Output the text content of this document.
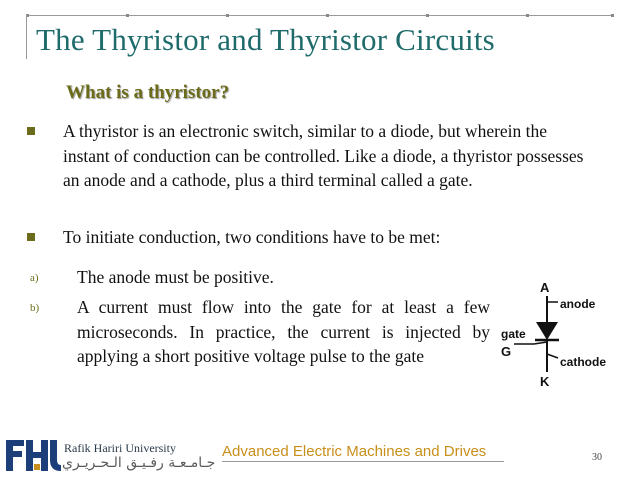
The Thyristor and Thyristor Circuits
What is a thyristor?
A thyristor is an electronic switch, similar to a diode, but wherein the instant of conduction can be controlled. Like a diode, a thyristor possesses an anode and a cathode, plus a third terminal called a gate.
To initiate conduction, two conditions have to be met:
a) The anode must be positive.
b) A current must flow into the gate for at least a few microseconds. In practice, the current is injected by applying a short positive voltage pulse to the gate
A
anode
gate
G
cathode
K
Rafik Hariri University
جـامـعـة رفـيـق الـحـريـري
Advanced Electric Machines and Drives	30
